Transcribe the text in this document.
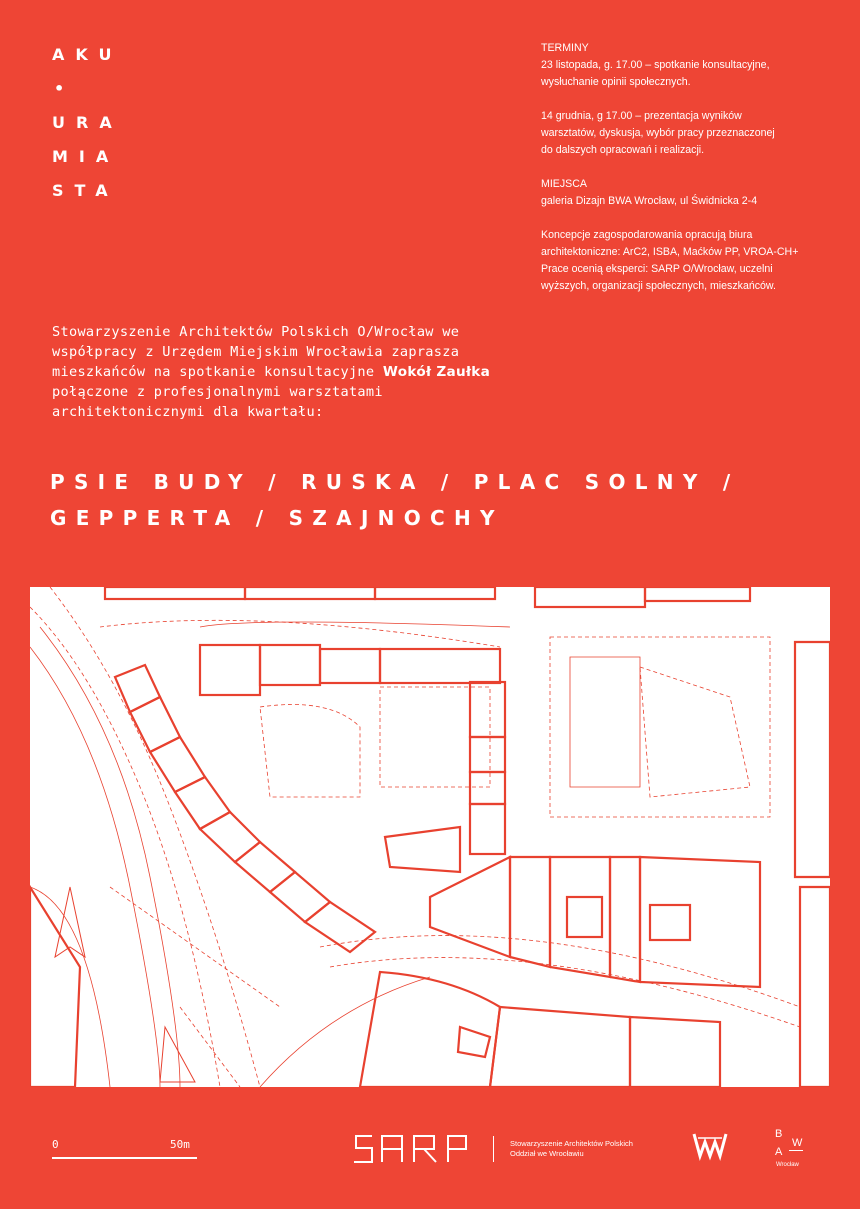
AKU
•
URA
MIA
STA

TERMINY
23 listopada, g. 17.00 – spotkanie konsultacyjne,
wysłuchanie opinii społecznych.

14 grudnia, g 17.00 – prezentacja wyników
warsztatów, dyskusja, wybór pracy przeznaczonej
do dalszych opracowań i realizacji.

MIEJSCA
galeria Dizajn BWA Wrocław, ul Świdnicka 2-4

Koncepcje zagospodarowania opracują biura
architektoniczne: ArC2, ISBA, Maćków PP, VROA-CH+
Prace ocenią eksperci: SARP O/Wrocław, uczelni
wyższych, organizacji społecznych, mieszkańców.

Stowarzyszenie Architektów Polskich O/Wrocław we
współpracy z Urzędem Miejskim Wrocławia zaprasza
mieszkańców na spotkanie konsultacyjne Wokół Zaułka
połączone z profesjonalnymi warsztatami
architektonicznymi dla kwartału:
PSIE BUDY / RUSKA / PLAC SOLNY /
GEPPERTA / SZAJNOCHY
0	50m	Stowarzyszenie Architektów Polskich
Oddział we Wrocławiu
B
W
A
Wrocław
